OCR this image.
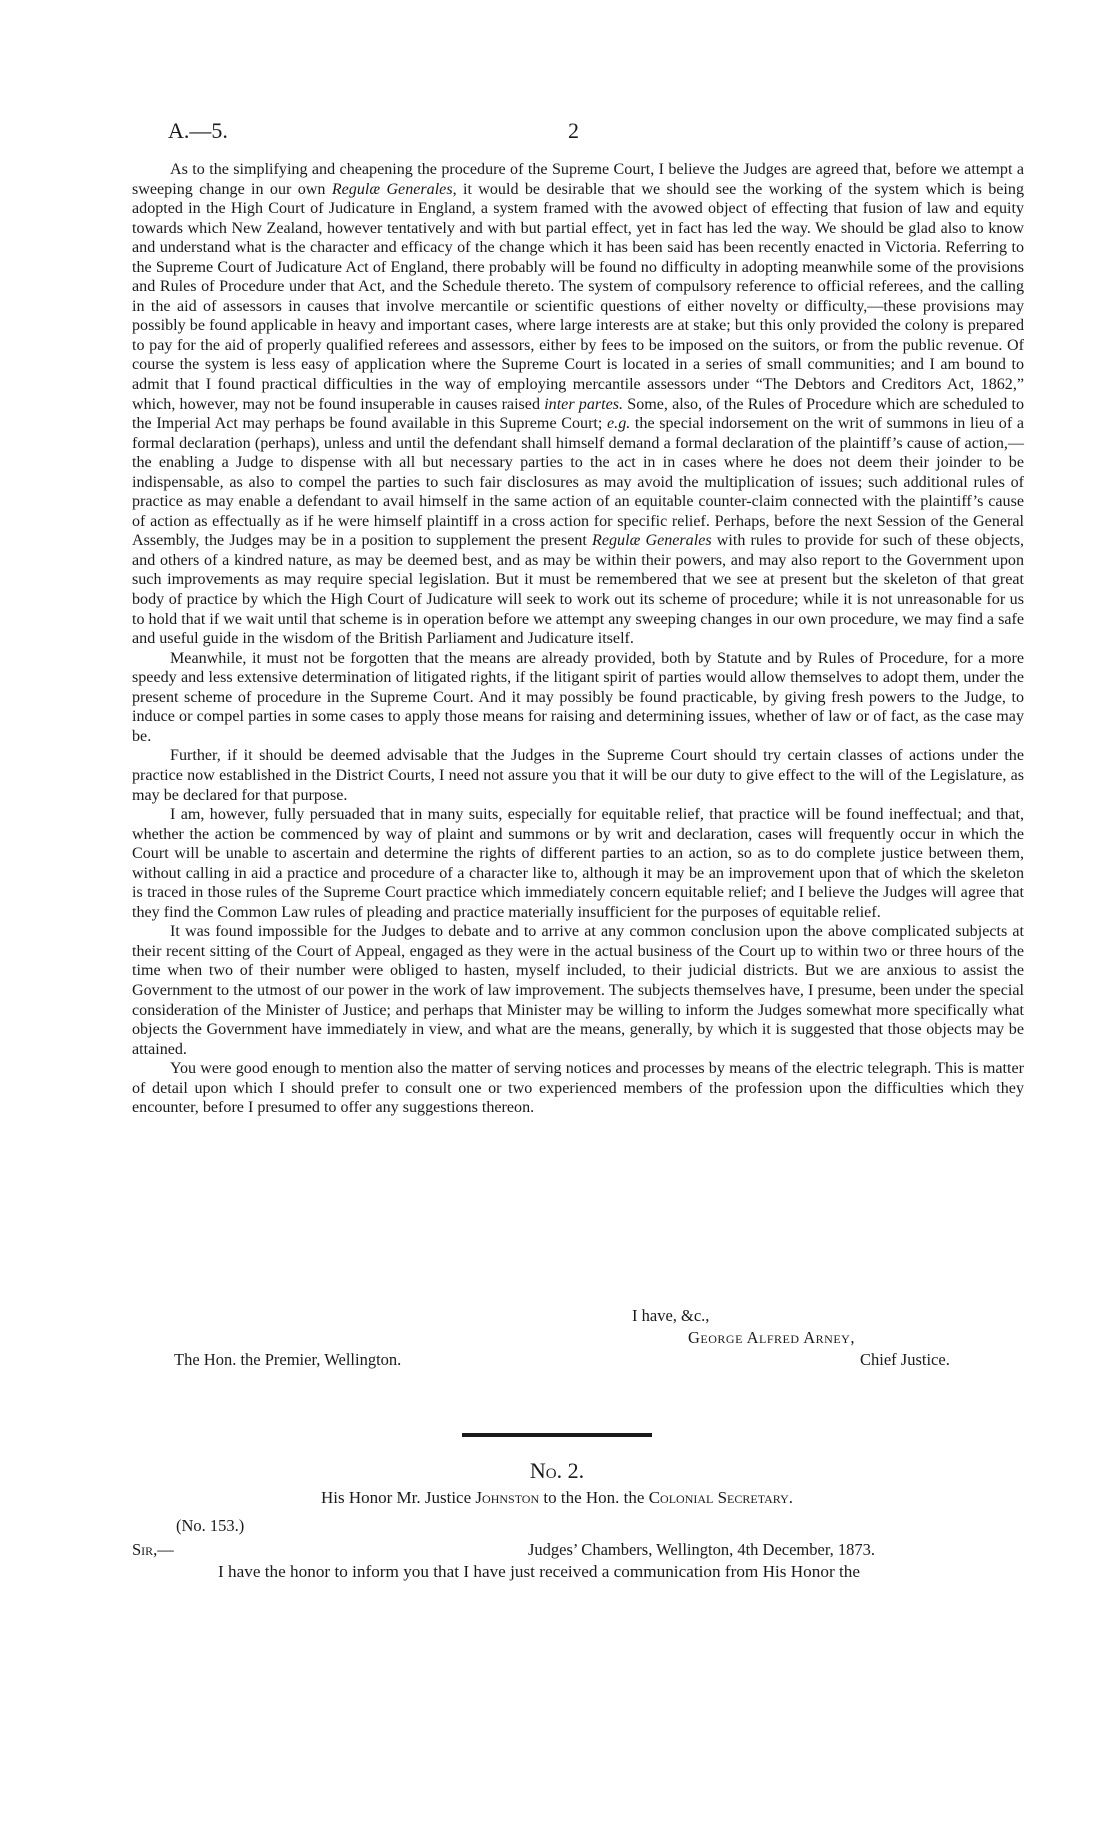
A.—5.	2

As to the simplifying and cheapening the procedure of the Supreme Court, I believe the Judges are agreed that, before we attempt a sweeping change in our own Regulæ Generales, it would be desirable that we should see the working of the system which is being adopted in the High Court of Judicature in England, a system framed with the avowed object of effecting that fusion of law and equity towards which New Zealand, however tentatively and with but partial effect, yet in fact has led the way. We should be glad also to know and understand what is the character and efficacy of the change which it has been said has been recently enacted in Victoria. Referring to the Supreme Court of Judicature Act of England, there probably will be found no difficulty in adopting meanwhile some of the provisions and Rules of Procedure under that Act, and the Schedule thereto. The system of compulsory reference to official referees, and the calling in the aid of assessors in causes that involve mercantile or scientific questions of either novelty or difficulty,—these provisions may possibly be found applicable in heavy and important cases, where large interests are at stake; but this only provided the colony is prepared to pay for the aid of properly qualified referees and assessors, either by fees to be imposed on the suitors, or from the public revenue. Of course the system is less easy of application where the Supreme Court is located in a series of small communities; and I am bound to admit that I found practical difficulties in the way of employing mercantile assessors under “The Debtors and Creditors Act, 1862,” which, however, may not be found insuperable in causes raised inter partes. Some, also, of the Rules of Procedure which are scheduled to the Imperial Act may perhaps be found available in this Supreme Court; e.g. the special indorsement on the writ of summons in lieu of a formal declaration (perhaps), unless and until the defendant shall himself demand a formal declaration of the plaintiff’s cause of action,—the enabling a Judge to dispense with all but necessary parties to the act in in cases where he does not deem their joinder to be indispensable, as also to compel the parties to such fair disclosures as may avoid the multiplication of issues; such additional rules of practice as may enable a defendant to avail himself in the same action of an equitable counter-claim connected with the plaintiff’s cause of action as effectually as if he were himself plaintiff in a cross action for specific relief. Perhaps, before the next Session of the General Assembly, the Judges may be in a position to supplement the present Regulæ Generales with rules to provide for such of these objects, and others of a kindred nature, as may be deemed best, and as may be within their powers, and may also report to the Government upon such improvements as may require special legislation. But it must be remembered that we see at present but the skeleton of that great body of practice by which the High Court of Judicature will seek to work out its scheme of procedure; while it is not unreasonable for us to hold that if we wait until that scheme is in operation before we attempt any sweeping changes in our own procedure, we may find a safe and useful guide in the wisdom of the British Parliament and Judicature itself.

Meanwhile, it must not be forgotten that the means are already provided, both by Statute and by Rules of Procedure, for a more speedy and less extensive determination of litigated rights, if the litigant spirit of parties would allow themselves to adopt them, under the present scheme of procedure in the Supreme Court. And it may possibly be found practicable, by giving fresh powers to the Judge, to induce or compel parties in some cases to apply those means for raising and determining issues, whether of law or of fact, as the case may be.

Further, if it should be deemed advisable that the Judges in the Supreme Court should try certain classes of actions under the practice now established in the District Courts, I need not assure you that it will be our duty to give effect to the will of the Legislature, as may be declared for that purpose.

I am, however, fully persuaded that in many suits, especially for equitable relief, that practice will be found ineffectual; and that, whether the action be commenced by way of plaint and summons or by writ and declaration, cases will frequently occur in which the Court will be unable to ascertain and determine the rights of different parties to an action, so as to do complete justice between them, without calling in aid a practice and procedure of a character like to, although it may be an improvement upon that of which the skeleton is traced in those rules of the Supreme Court practice which immediately concern equitable relief; and I believe the Judges will agree that they find the Common Law rules of pleading and practice materially insufficient for the purposes of equitable relief.

It was found impossible for the Judges to debate and to arrive at any common conclusion upon the above complicated subjects at their recent sitting of the Court of Appeal, engaged as they were in the actual business of the Court up to within two or three hours of the time when two of their number were obliged to hasten, myself included, to their judicial districts. But we are anxious to assist the Government to the utmost of our power in the work of law improvement. The subjects themselves have, I presume, been under the special consideration of the Minister of Justice; and perhaps that Minister may be willing to inform the Judges somewhat more specifically what objects the Government have immediately in view, and what are the means, generally, by which it is suggested that those objects may be attained.

You were good enough to mention also the matter of serving notices and processes by means of the electric telegraph. This is matter of detail upon which I should prefer to consult one or two experienced members of the profession upon the difficulties which they encounter, before I presumed to offer any suggestions thereon.

I have, &c.,
George Alfred Arney,
The Hon. the Premier, Wellington.	Chief Justice.
No. 2.
His Honor Mr. Justice Johnston to the Hon. the Colonial Secretary.
(No. 153.)
Sir,—	Judges’ Chambers, Wellington, 4th December, 1873.
I have the honor to inform you that I have just received a communication from His Honor the
